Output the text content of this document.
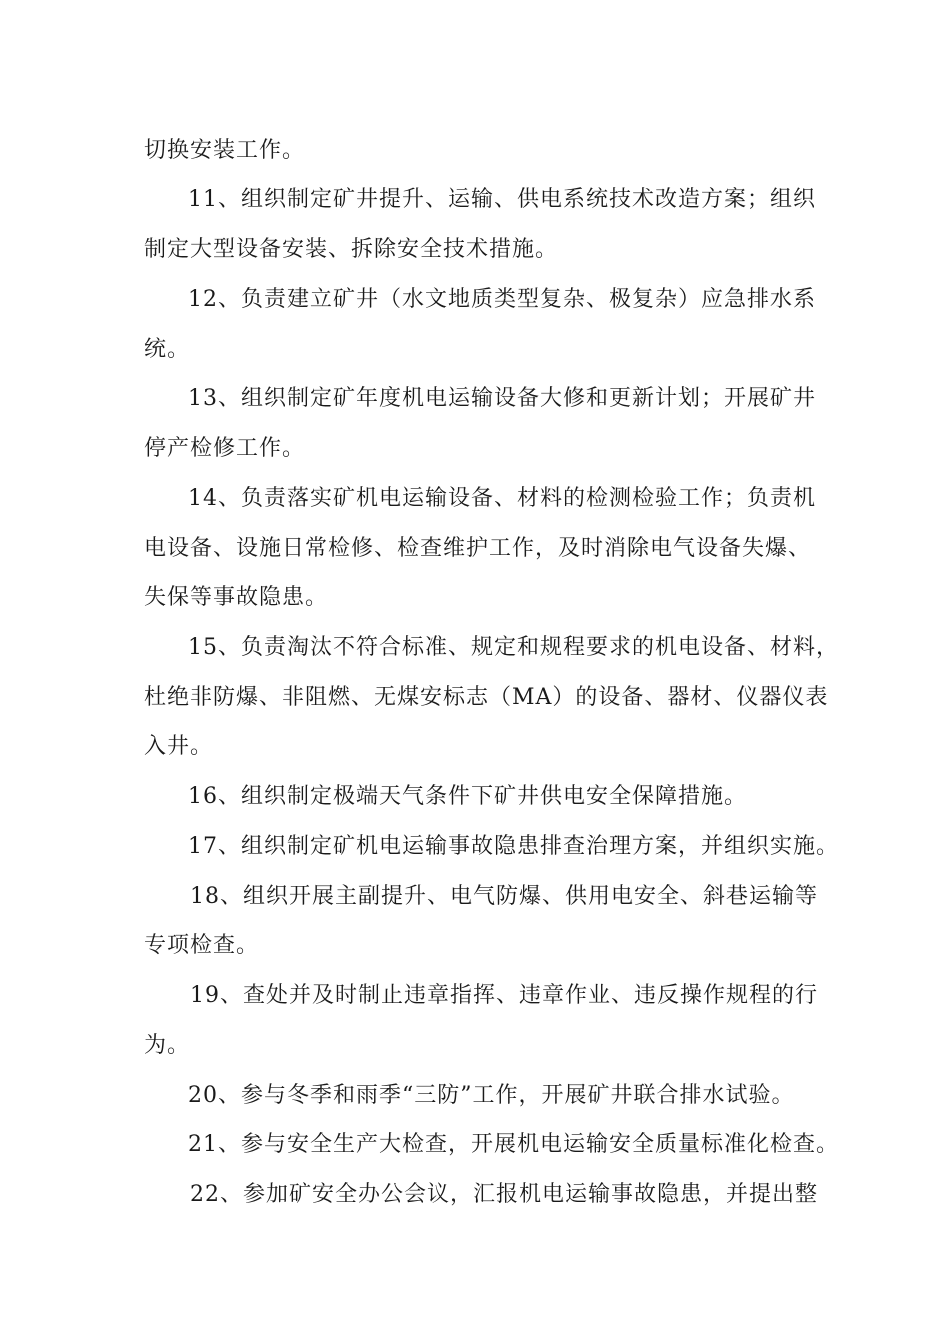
切换安装工作。
11、组织制定矿井提升、运输、供电系统技术改造方案；组织
制定大型设备安装、拆除安全技术措施。
12、负责建立矿井（水文地质类型复杂、极复杂）应急排水系
统。
13、组织制定矿年度机电运输设备大修和更新计划；开展矿井
停产检修工作。
14、负责落实矿机电运输设备、材料的检测检验工作；负责机
电设备、设施日常检修、检查维护工作，及时消除电气设备失爆、
失保等事故隐患。
15、负责淘汰不符合标准、规定和规程要求的机电设备、材料，
杜绝非防爆、非阻燃、无煤安标志（MA）的设备、器材、仪器仪表
入井。
16、组织制定极端天气条件下矿井供电安全保障措施。
17、组织制定矿机电运输事故隐患排查治理方案，并组织实施。
18、组织开展主副提升、电气防爆、供用电安全、斜巷运输等
专项检查。
19、查处并及时制止违章指挥、违章作业、违反操作规程的行
为。
20、参与冬季和雨季“三防”工作，开展矿井联合排水试验。
21、参与安全生产大检查，开展机电运输安全质量标准化检查。
22、参加矿安全办公会议，汇报机电运输事故隐患，并提出整
